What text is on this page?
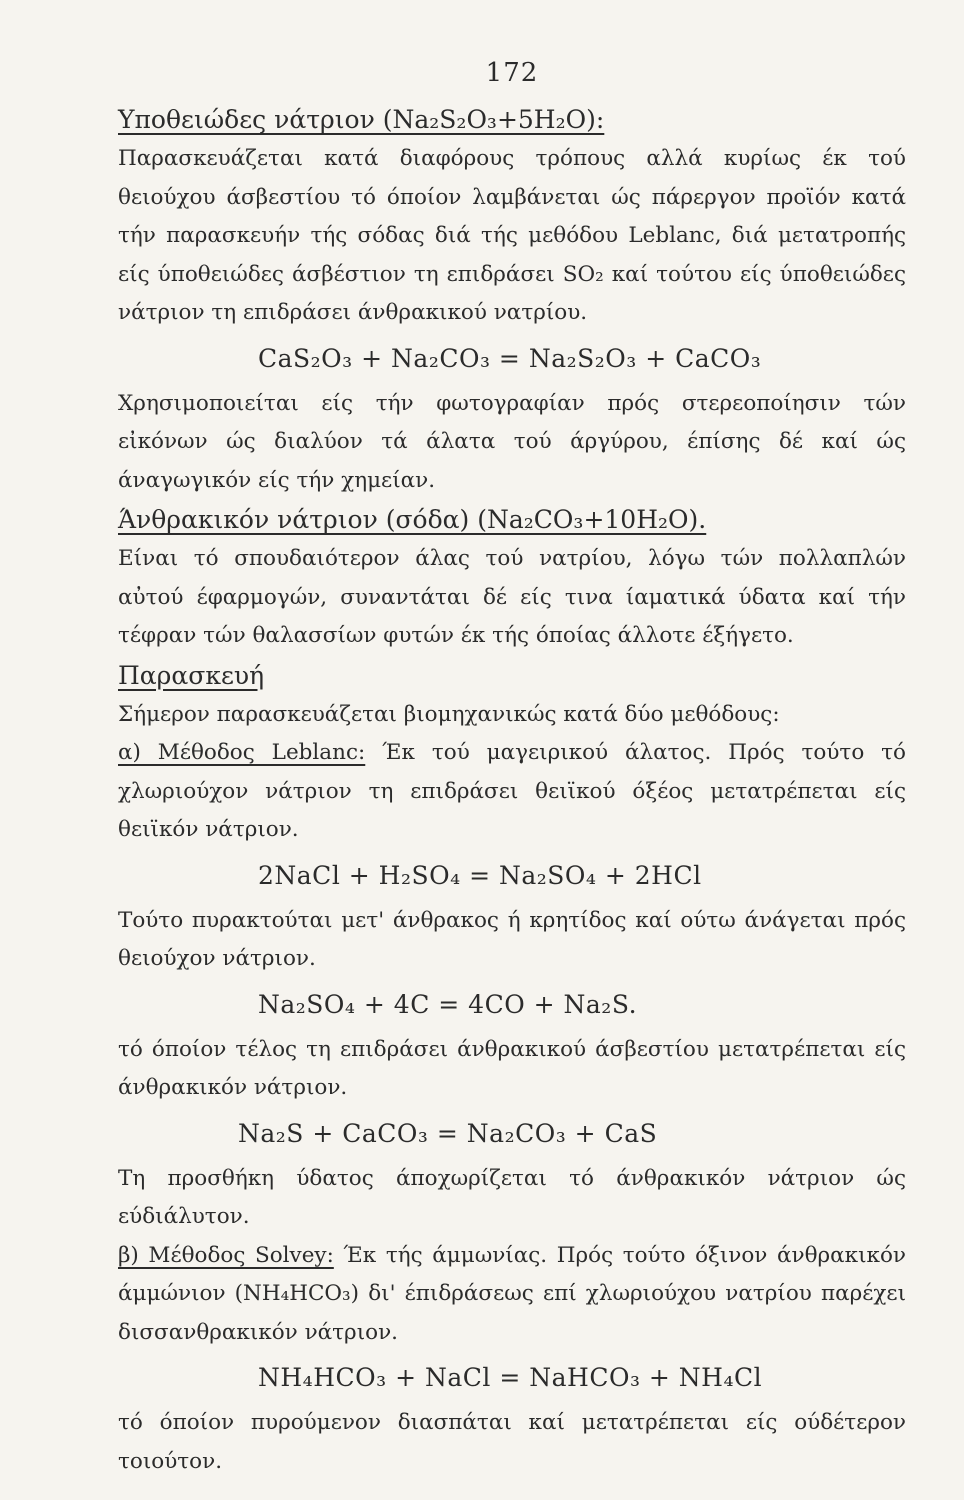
172

Υποθειώδες νάτριον (Na₂S₂O₃+5H₂O):

Παρασκευάζεται κατά διαφόρους τρόπους αλλά κυρίως έκ τού θειούχου άσβεστίου τό όποίον λαμβάνεται ώς πάρεργον προϊόν κατά τήν παρασκευήν τής σόδας διά τής μεθόδου Leblanc, διά μετατροπής είς ύποθειώδες άσβέστιον τη επιδράσει SO₂ καί τούτου είς ύποθειώδες νάτριον τη επιδράσει άνθρακικού νατρίου.

CaS₂O₃ + Na₂CO₃ = Na₂S₂O₃ + CaCO₃

Χρησιμοποιείται είς τήν φωτογραφίαν πρός στερεοποίησιν τών εἰκόνων ώς διαλύον τά άλατα τού άργύρου, έπίσης δέ καί ώς άναγωγικόν είς τήν χημείαν.

Άνθρακικόν νάτριον (σόδα) (Na₂CO₃+10H₂O).

Είναι τό σπουδαιότερον άλας τού νατρίου, λόγω τών πολλαπλών αὐτού έφαρμογών, συναντάται δέ είς τινα ίαματικά ύδατα καί τήν τέφραν τών θαλασσίων φυτών έκ τής όποίας άλλοτε έξήγετο.

Παρασκευή

Σήμερον παρασκευάζεται βιομηχανικώς κατά δύο μεθόδους:

α) Μέθοδος Leblanc: Έκ τού μαγειρικού άλατος. Πρός τούτο τό χλωριούχον νάτριον τη επιδράσει θειϊκού όξέος μετατρέπεται είς θειϊκόν νάτριον.

2NaCl + H₂SO₄ = Na₂SO₄ + 2HCl

Τούτο πυρακτούται μετ' άνθρακος ή κρητίδος καί ούτω άνάγεται πρός θειούχον νάτριον.

Na₂SO₄ + 4C = 4CO + Na₂S.

τό όποίον τέλος τη επιδράσει άνθρακικού άσβεστίου μετατρέπεται είς άνθρακικόν νάτριον.

Na₂S + CaCO₃ = Na₂CO₃ + CaS

Τη προσθήκη ύδατος άποχωρίζεται τό άνθρακικόν νάτριον ώς εύδιάλυτον.

β) Μέθοδος Solvey: Έκ τής άμμωνίας. Πρός τούτο όξινον άνθρακικόν άμμώνιον (NH₄HCO₃) δι' έπιδράσεως επί χλωριούχου νατρίου παρέχει δισσανθρακικόν νάτριον.

NH₄HCO₃ + NaCl = NaHCO₃ + NH₄Cl

τό όποίον πυρούμενον διασπάται καί μετατρέπεται είς ούδέτερον τοιούτον.
